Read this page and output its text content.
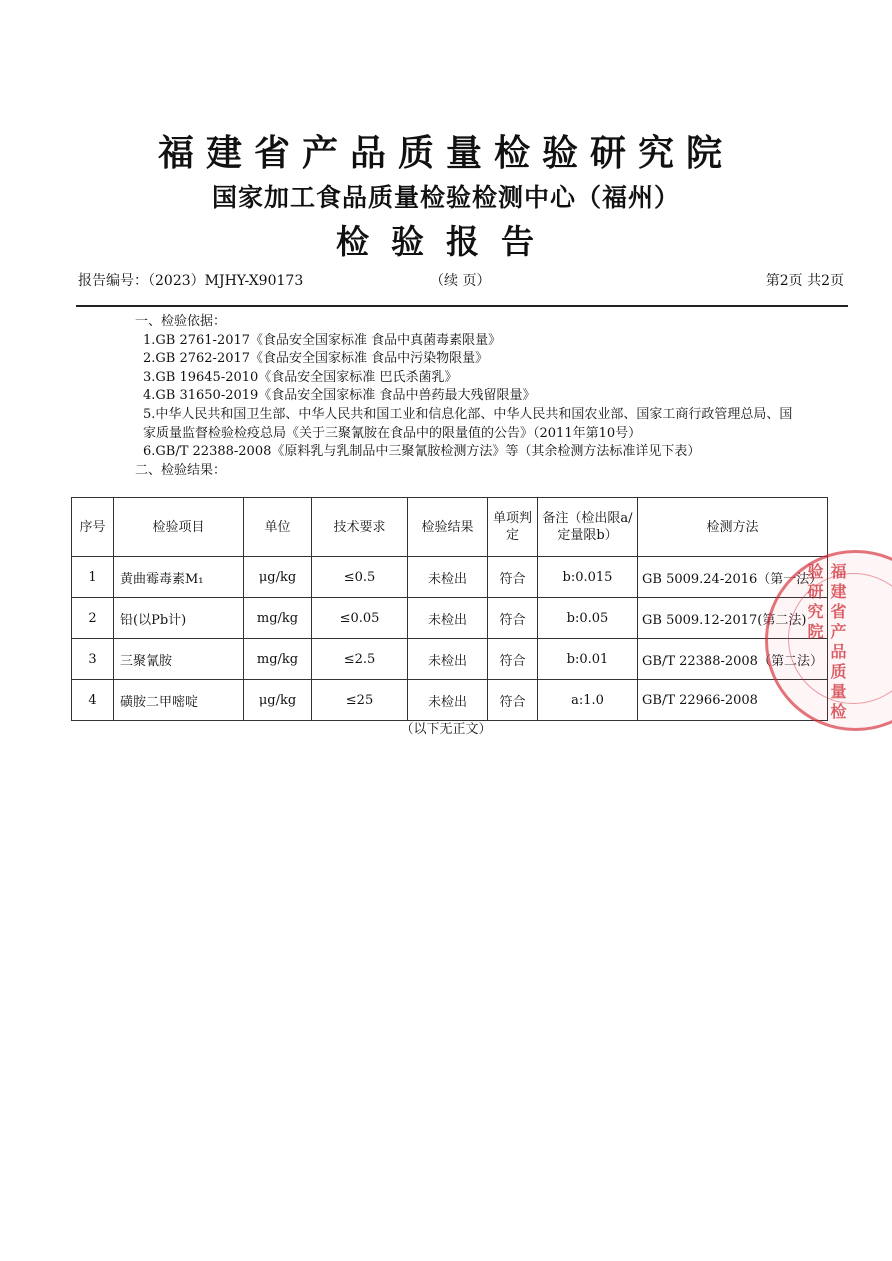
福建省产品质量检验研究院
国家加工食品质量检验检测中心（福州）
检验报告
报告编号：（2023）MJHY-X90173	（续 页）	第2页 共2页
一、检验依据：
1.GB 2761-2017《食品安全国家标准 食品中真菌毒素限量》
2.GB 2762-2017《食品安全国家标准 食品中污染物限量》
3.GB 19645-2010《食品安全国家标准 巴氏杀菌乳》
4.GB 31650-2019《食品安全国家标准 食品中兽药最大残留限量》
5.中华人民共和国卫生部、中华人民共和国工业和信息化部、中华人民共和国农业部、国家工商行政管理总局、国家质量监督检验检疫总局《关于三聚氰胺在食品中的限量值的公告》（2011年第10号）
6.GB/T 22388-2008《原料乳与乳制品中三聚氰胺检测方法》等（其余检测方法标准详见下表）
二、检验结果：
序号	检验项目	单位	技术要求	检验结果	单项判定	备注（检出限a/定量限b）	检测方法
1	黄曲霉毒素M₁	μg/kg	≤0.5	未检出	符合	b:0.015	GB 5009.24-2016（第一法）
2	铅(以Pb计)	mg/kg	≤0.05	未检出	符合	b:0.05	GB 5009.12-2017(第二法)
3	三聚氰胺	mg/kg	≤2.5	未检出	符合	b:0.01	GB/T 22388-2008（第二法）
4	磺胺二甲嘧啶	μg/kg	≤25	未检出	符合	a:1.0	GB/T 22966-2008
（以下无正文）
福建省产品质量检验研究院
